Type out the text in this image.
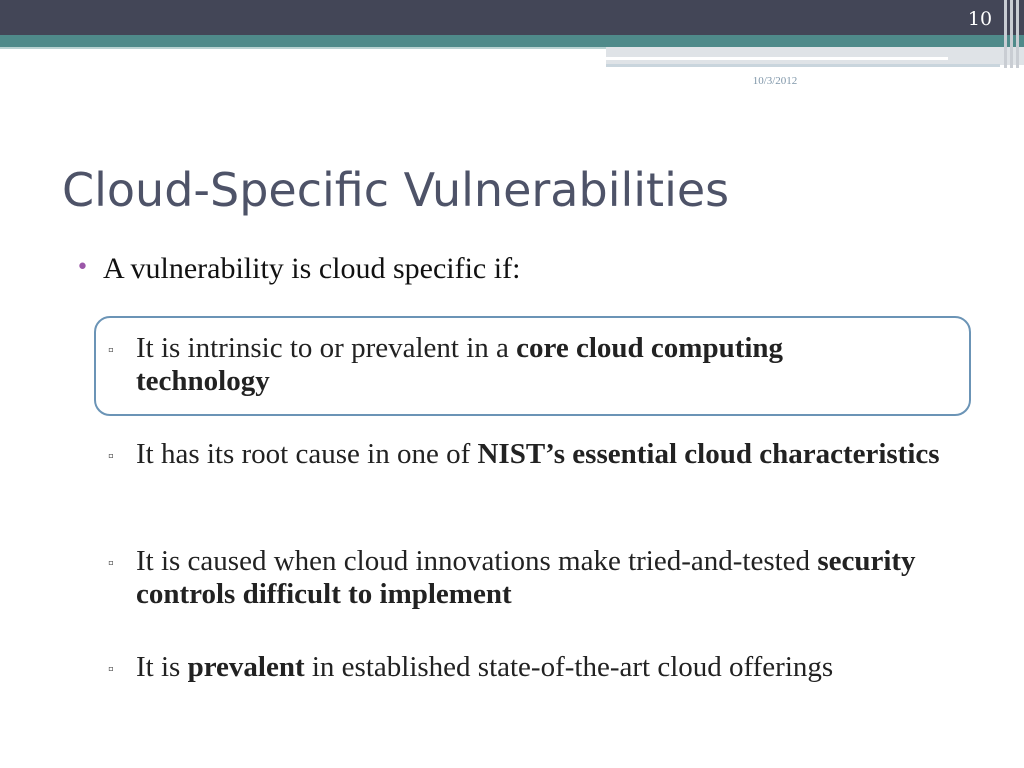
10
10/3/2012
Cloud-Specific Vulnerabilities
• A vulnerability is cloud specific if:
▫ It is intrinsic to or prevalent in a core cloud computing technology
▫ It has its root cause in one of NIST’s essential cloud characteristics
▫ It is caused when cloud innovations make tried-and-tested security controls difficult to implement
▫ It is prevalent in established state-of-the-art cloud offerings
